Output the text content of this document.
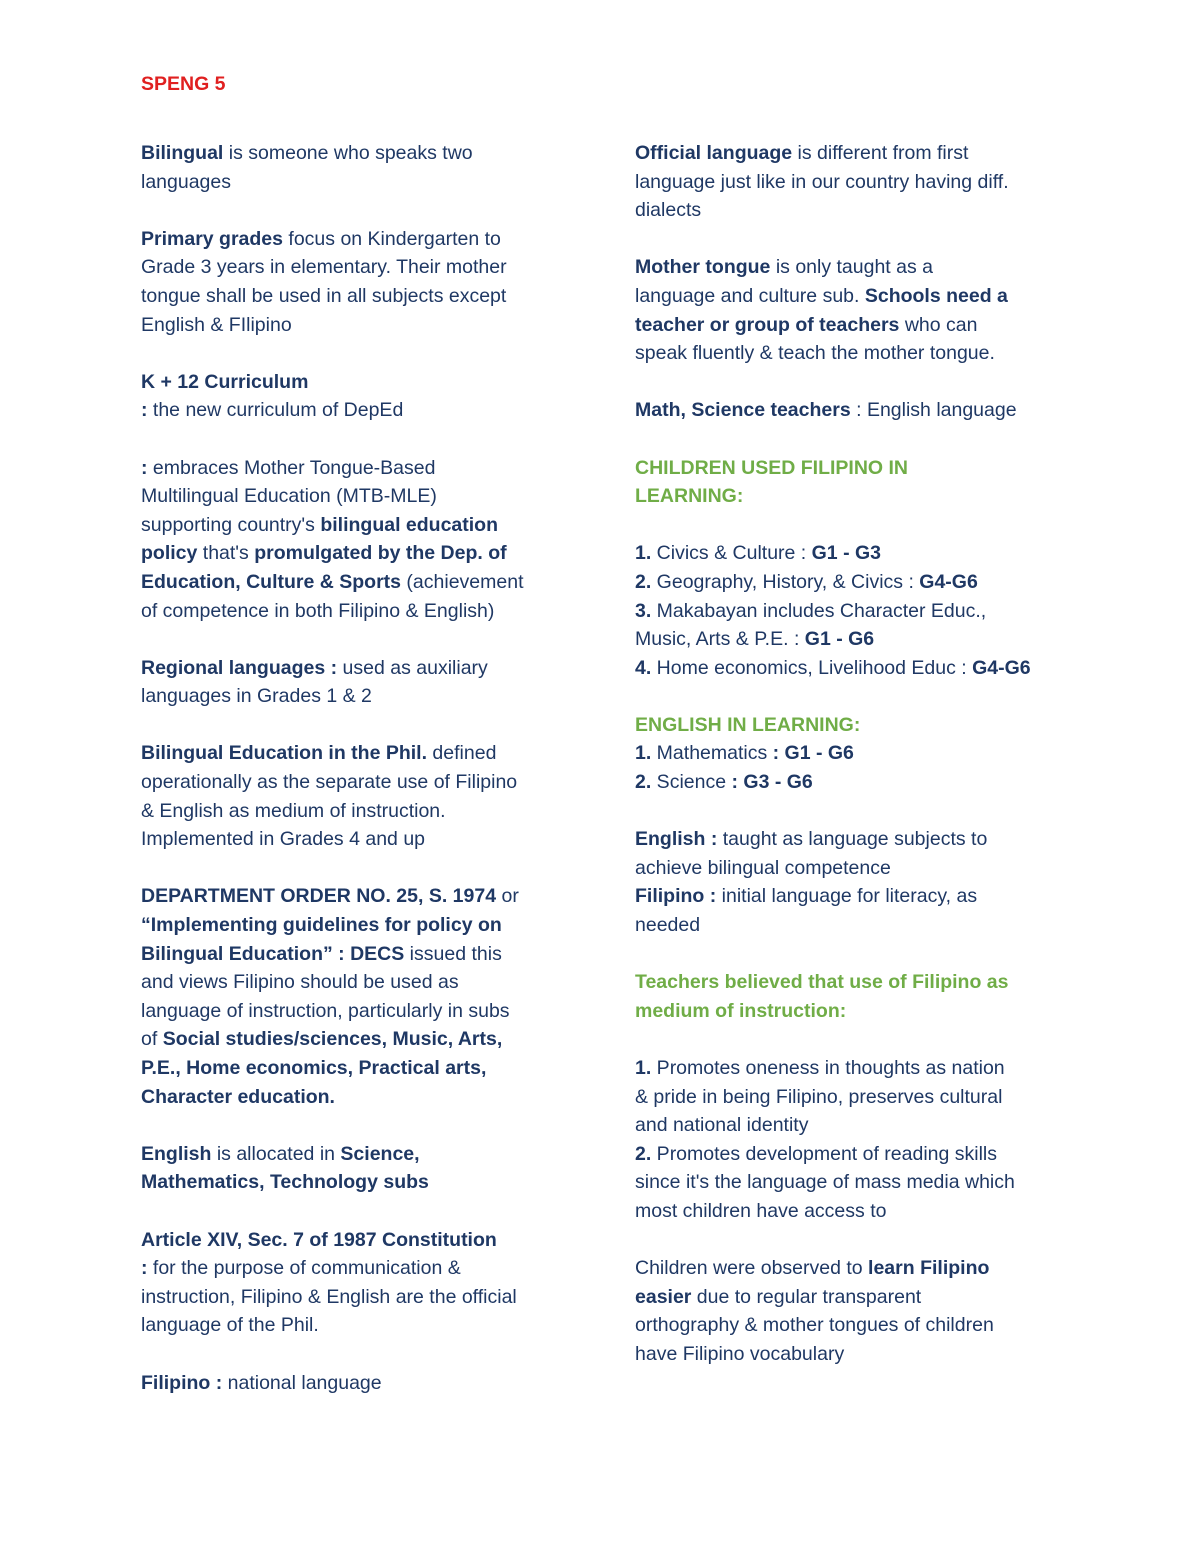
SPENG 5
Bilingual is someone who speaks two
languages
Primary grades focus on Kindergarten to
Grade 3 years in elementary. Their mother
tongue shall be used in all subjects except
English & FIlipino
K + 12 Curriculum
: the new curriculum of DepEd
: embraces Mother Tongue-Based
Multilingual Education (MTB-MLE)
supporting country's bilingual education
policy that's promulgated by the Dep. of
Education, Culture & Sports (achievement
of competence in both Filipino & English)
Regional languages : used as auxiliary
languages in Grades 1 & 2
Bilingual Education in the Phil. defined
operationally as the separate use of Filipino
& English as medium of instruction.
Implemented in Grades 4 and up
DEPARTMENT ORDER NO. 25, S. 1974 or
“Implementing guidelines for policy on
Bilingual Education” : DECS issued this
and views Filipino should be used as
language of instruction, particularly in subs
of Social studies/sciences, Music, Arts,
P.E., Home economics, Practical arts,
Character education.
English is allocated in Science,
Mathematics, Technology subs
Article XIV, Sec. 7 of 1987 Constitution
: for the purpose of communication &
instruction, Filipino & English are the official
language of the Phil.
Filipino : national language
Official language is different from first
language just like in our country having diff.
dialects
Mother tongue is only taught as a
language and culture sub. Schools need a
teacher or group of teachers who can
speak fluently & teach the mother tongue.
Math, Science teachers : English language
CHILDREN USED FILIPINO IN
LEARNING:
1. Civics & Culture : G1 - G3
2. Geography, History, & Civics : G4-G6
3. Makabayan includes Character Educ.,
Music, Arts & P.E. : G1 - G6
4. Home economics, Livelihood Educ : G4-G6
ENGLISH IN LEARNING:
1. Mathematics : G1 - G6
2. Science : G3 - G6
English : taught as language subjects to
achieve bilingual competence
Filipino : initial language for literacy, as
needed
Teachers believed that use of Filipino as
medium of instruction:
1. Promotes oneness in thoughts as nation
& pride in being Filipino, preserves cultural
and national identity
2. Promotes development of reading skills
since it's the language of mass media which
most children have access to
Children were observed to learn Filipino
easier due to regular transparent
orthography & mother tongues of children
have Filipino vocabulary
